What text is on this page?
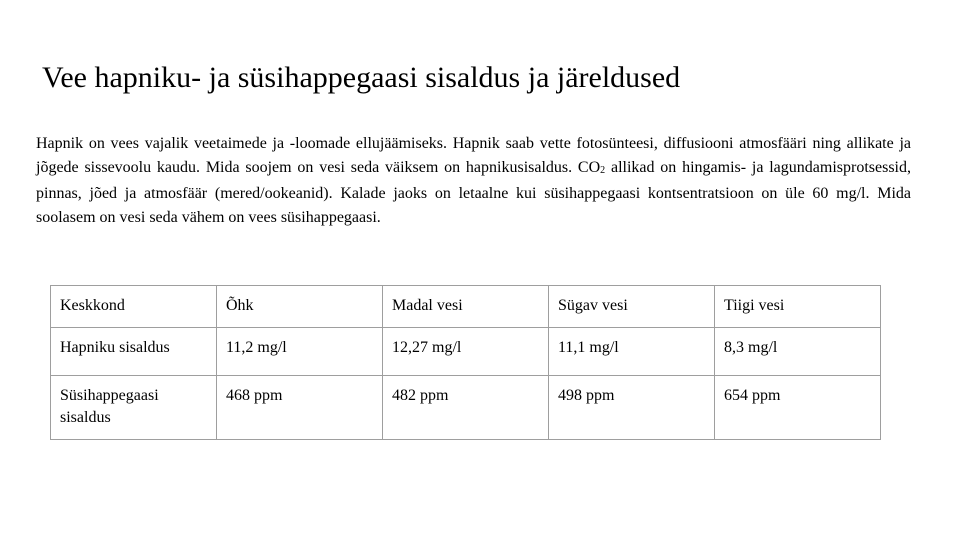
Vee hapniku- ja süsihappegaasi sisaldus ja järeldused
Hapnik on vees vajalik veetaimede ja -loomade ellujäämiseks. Hapnik saab vette fotosünteesi, diffusiooni atmosfääri ning allikate ja jõgede sissevoolu kaudu. Mida soojem on vesi seda väiksem on hapnikusisaldus. $CO_2$ allikad on hingamis- ja lagundamisprotsessid, pinnas, jõed ja atmosfäär (mered/ookeanid). Kalade jaoks on letaalne kui süsihappegaasi kontsentratsioon on üle 60 mg/l. Mida soolasem on vesi seda vähem on vees süsihappegaasi.
Keskkond	Õhk	Madal vesi	Sügav vesi	Tiigi vesi
Hapniku sisaldus	11,2 mg/l	12,27 mg/l	11,1 mg/l	8,3 mg/l
Süsihappegaasi sisaldus	468 ppm	482 ppm	498 ppm	654 ppm
